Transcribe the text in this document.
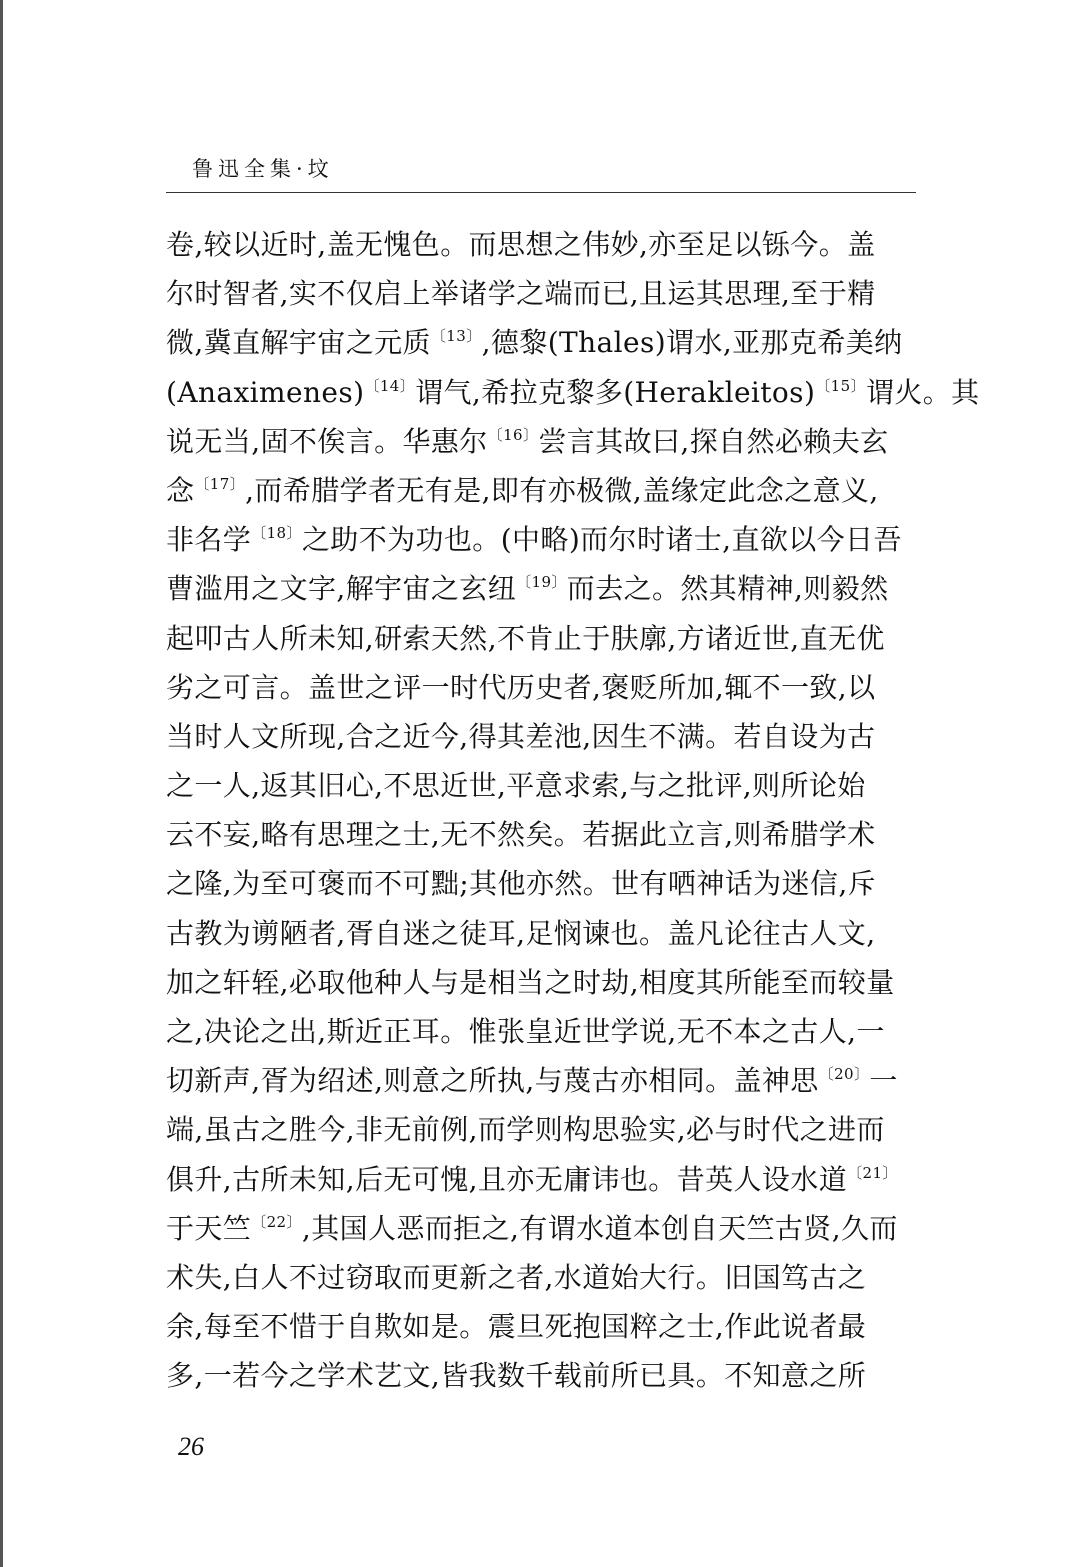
鲁迅全集·坟
卷,较以近时,盖无愧色。而思想之伟妙,亦至足以铄今。盖
尔时智者,实不仅启上举诸学之端而已,且运其思理,至于精
微,冀直解宇宙之元质$^{〔13〕}$,德黎(Thales)谓水,亚那克希美纳
(Anaximenes)$^{〔14〕}$谓气,希拉克黎多(Herakleitos)$^{〔15〕}$谓火。其
说无当,固不俟言。华惠尔$^{〔16〕}$尝言其故曰,探自然必赖夫玄
念$^{〔17〕}$,而希腊学者无有是,即有亦极微,盖缘定此念之意义,
非名学$^{〔18〕}$之助不为功也。(中略)而尔时诸士,直欲以今日吾
曹滥用之文字,解宇宙之玄纽$^{〔19〕}$而去之。然其精神,则毅然
起叩古人所未知,研索天然,不肯止于肤廓,方诸近世,直无优
劣之可言。盖世之评一时代历史者,褒贬所加,辄不一致,以
当时人文所现,合之近今,得其差池,因生不满。若自设为古
之一人,返其旧心,不思近世,平意求索,与之批评,则所论始
云不妄,略有思理之士,无不然矣。若据此立言,则希腊学术
之隆,为至可褒而不可黜;其他亦然。世有哂神话为迷信,斥
古教为谫陋者,胥自迷之徒耳,足悯谏也。盖凡论往古人文,
加之轩轾,必取他种人与是相当之时劫,相度其所能至而较量
之,决论之出,斯近正耳。惟张皇近世学说,无不本之古人,一
切新声,胥为绍述,则意之所执,与蔑古亦相同。盖神思$^{〔20〕}$一
端,虽古之胜今,非无前例,而学则构思验实,必与时代之进而
俱升,古所未知,后无可愧,且亦无庸讳也。昔英人设水道$^{〔21〕}$
于天竺$^{〔22〕}$,其国人恶而拒之,有谓水道本创自天竺古贤,久而
术失,白人不过窃取而更新之者,水道始大行。旧国笃古之
余,每至不惜于自欺如是。震旦死抱国粹之士,作此说者最
多,一若今之学术艺文,皆我数千载前所已具。不知意之所
26
